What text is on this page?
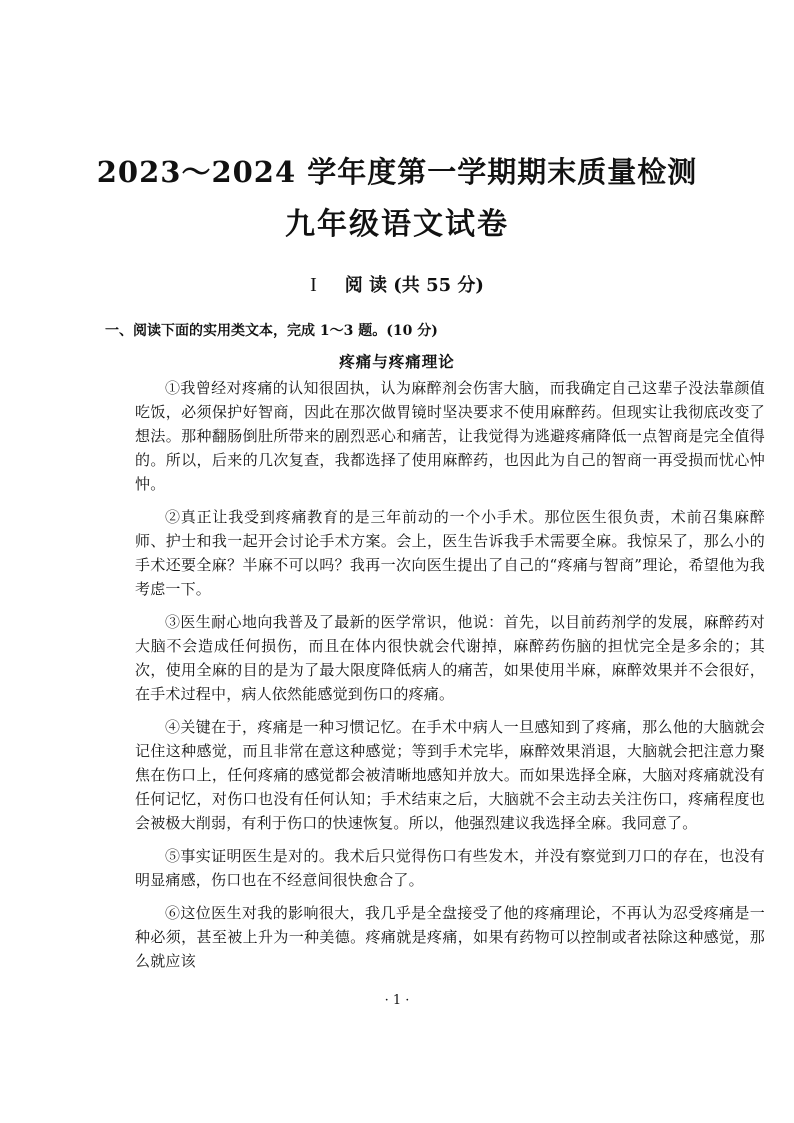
2023～2024 学年度第一学期期末质量检测
九年级语文试卷
I 阅 读 (共 55 分)
一、阅读下面的实用类文本，完成 1～3 题。(10 分)
疼痛与疼痛理论

①我曾经对疼痛的认知很固执，认为麻醉剂会伤害大脑，而我确定自己这辈子没法靠颜值吃饭，必须保护好智商，因此在那次做胃镜时坚决要求不使用麻醉药。但现实让我彻底改变了想法。那种翻肠倒肚所带来的剧烈恶心和痛苦，让我觉得为逃避疼痛降低一点智商是完全值得的。所以，后来的几次复查，我都选择了使用麻醉药，也因此为自己的智商一再受损而忧心忡忡。

②真正让我受到疼痛教育的是三年前动的一个小手术。那位医生很负责，术前召集麻醉师、护士和我一起开会讨论手术方案。会上，医生告诉我手术需要全麻。我惊呆了，那么小的手术还要全麻？半麻不可以吗？我再一次向医生提出了自己的“疼痛与智商”理论，希望他为我考虑一下。

③医生耐心地向我普及了最新的医学常识，他说：首先，以目前药剂学的发展，麻醉药对大脑不会造成任何损伤，而且在体内很快就会代谢掉，麻醉药伤脑的担忧完全是多余的；其次，使用全麻的目的是为了最大限度降低病人的痛苦，如果使用半麻，麻醉效果并不会很好，在手术过程中，病人依然能感觉到伤口的疼痛。

④关键在于，疼痛是一种习惯记忆。在手术中病人一旦感知到了疼痛，那么他的大脑就会记住这种感觉，而且非常在意这种感觉；等到手术完毕，麻醉效果消退，大脑就会把注意力聚焦在伤口上，任何疼痛的感觉都会被清晰地感知并放大。而如果选择全麻，大脑对疼痛就没有任何记忆，对伤口也没有任何认知；手术结束之后，大脑就不会主动去关注伤口，疼痛程度也会被极大削弱，有利于伤口的快速恢复。所以，他强烈建议我选择全麻。我同意了。

⑤事实证明医生是对的。我术后只觉得伤口有些发木，并没有察觉到刀口的存在，也没有明显痛感，伤口也在不经意间很快愈合了。

⑥这位医生对我的影响很大，我几乎是全盘接受了他的疼痛理论，不再认为忍受疼痛是一种必须，甚至被上升为一种美德。疼痛就是疼痛，如果有药物可以控制或者祛除这种感觉，那么就应该

· 1 ·
